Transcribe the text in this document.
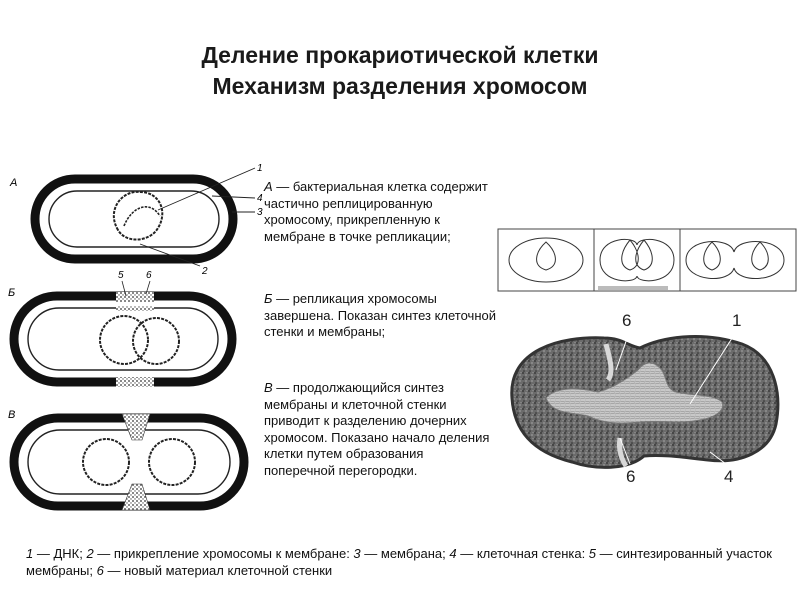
Деление прокариотической клетки
Механизм разделения хромосом
А
1
4
3
2
Б
5 6
В
6	1
6	4
А — бактериальная клетка содержит частично реплицированную хромосому, прикрепленную к мембране в точке репликации;
Б — репликация хромосомы завершена. Показан синтез клеточной стенки и мембраны;
В — продолжающийся синтез мембраны и клеточной стенки приводит к разделению дочерних хромосом. Показано начало деления клетки путем образования поперечной перегородки.
1 — ДНК; 2 — прикрепление хромосомы к мембране: 3 — мембрана; 4 — клеточная стенка: 5 — синтезированный участок мембраны; 6 — новый материал клеточной стенки
